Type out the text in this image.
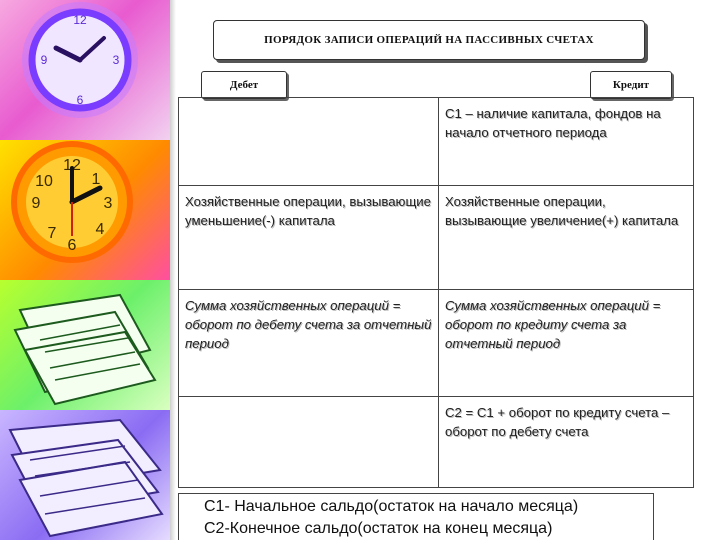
12
3
6
9
12
3
6
9
10 1
4
7
ПОРЯДОК ЗАПИСИ ОПЕРАЦИЙ НА ПАССИВНЫХ СЧЕТАХ
Дебет	Кредит
	С1 – наличие капитала, фондов на начало отчетного периода
Хозяйственные операции, вызывающие уменьшение(-) капитала	Хозяйственные операции, вызывающие увеличение(+) капитала
Сумма хозяйственных операций = оборот по дебету счета за отчетный период	Сумма хозяйственных операций = оборот по кредиту счета за отчетный период
	С2 = С1 + оборот по кредиту счета – оборот по дебету счета
С1- Начальное сальдо(остаток на начало месяца)
С2-Конечное сальдо(остаток на конец месяца)
